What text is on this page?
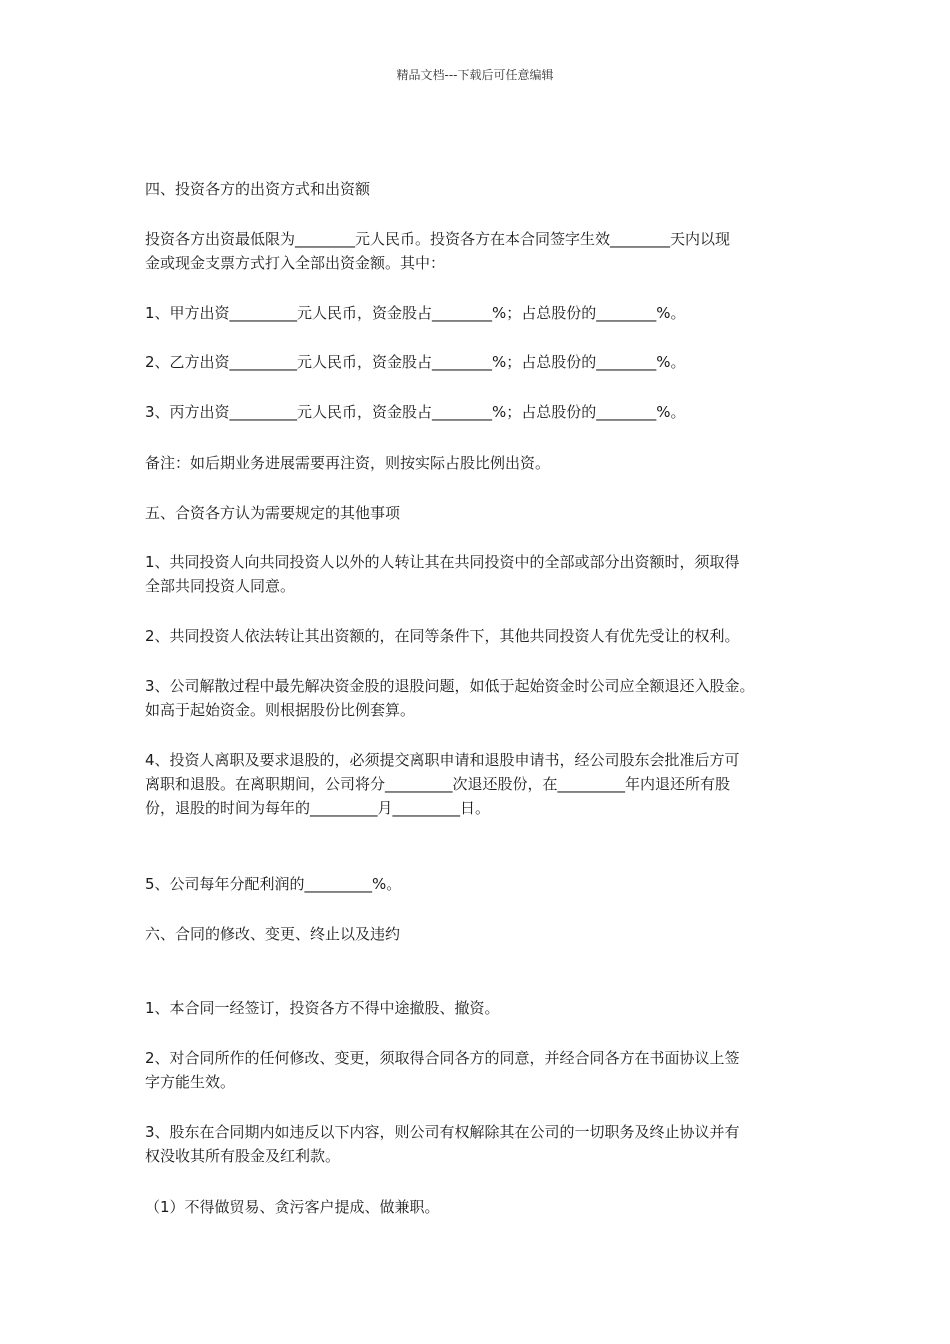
精品文档---下载后可任意编辑
四、投资各方的出资方式和出资额
投资各方出资最低限为________元人民币。投资各方在本合同签字生效________天内以现
金或现金支票方式打入全部出资金额。其中：
1、甲方出资_________元人民币，资金股占________%；占总股份的________%。
2、乙方出资_________元人民币，资金股占________%；占总股份的________%。
3、丙方出资_________元人民币，资金股占________%；占总股份的________%。
备注：如后期业务进展需要再注资，则按实际占股比例出资。
五、合资各方认为需要规定的其他事项
1、共同投资人向共同投资人以外的人转让其在共同投资中的全部或部分出资额时，须取得
全部共同投资人同意。
2、共同投资人依法转让其出资额的，在同等条件下，其他共同投资人有优先受让的权利。
3、公司解散过程中最先解决资金股的退股问题，如低于起始资金时公司应全额退还入股金。
如高于起始资金。则根据股份比例套算。
4、投资人离职及要求退股的，必须提交离职申请和退股申请书，经公司股东会批准后方可
离职和退股。在离职期间，公司将分_________次退还股份，在_________年内退还所有股
份，退股的时间为每年的_________月_________日。
5、公司每年分配利润的_________%。
六、合同的修改、变更、终止以及违约
1、本合同一经签订，投资各方不得中途撤股、撤资。
2、对合同所作的任何修改、变更，须取得合同各方的同意，并经合同各方在书面协议上签
字方能生效。
3、股东在合同期内如违反以下内容，则公司有权解除其在公司的一切职务及终止协议并有
权没收其所有股金及红利款。
（1）不得做贸易、贪污客户提成、做兼职。
